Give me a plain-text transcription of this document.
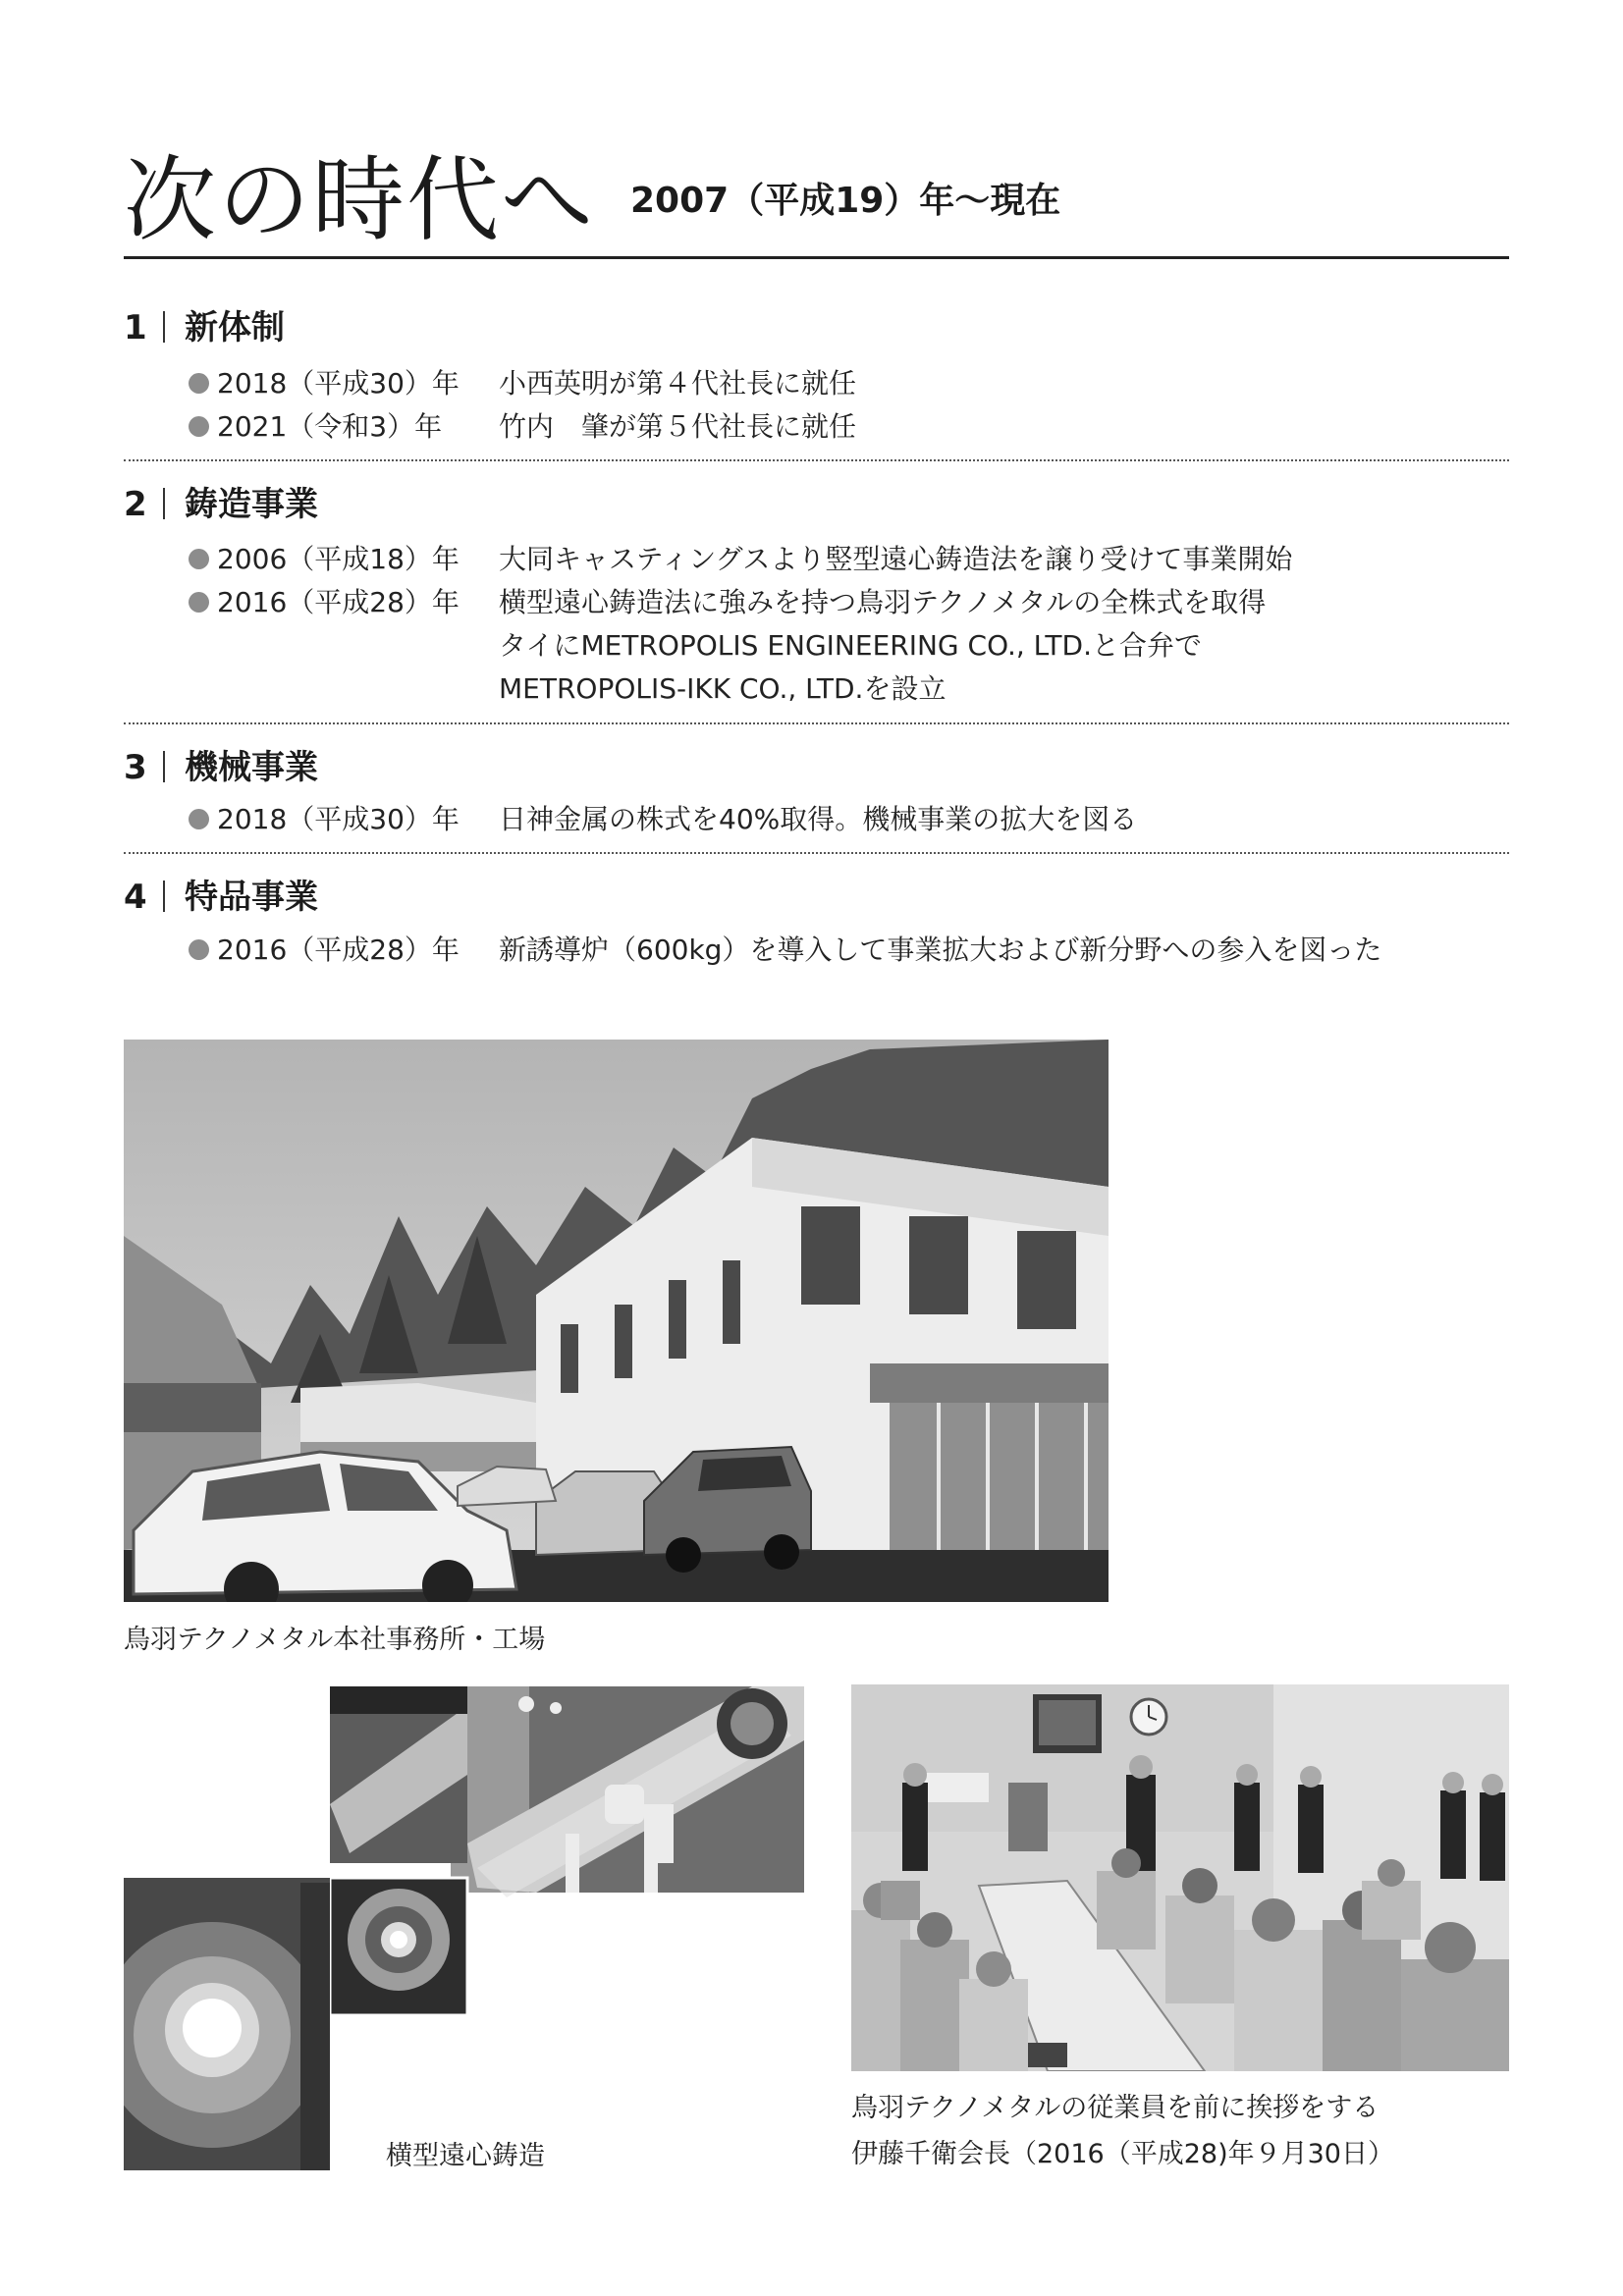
次の時代へ 2007（平成19）年〜現在
1 新体制
2018（平成30）年 小西英明が第４代社長に就任
2021（令和3）年 竹内　肇が第５代社長に就任
2 鋳造事業
2006（平成18）年 大同キャスティングスより竪型遠心鋳造法を譲り受けて事業開始
2016（平成28）年 横型遠心鋳造法に強みを持つ鳥羽テクノメタルの全株式を取得
タイにMETROPOLIS ENGINEERING CO., LTD.と合弁で
METROPOLIS-IKK CO., LTD.を設立
3 機械事業
2018（平成30）年 日神金属の株式を40%取得。機械事業の拡大を図る
4 特品事業
2016（平成28）年 新誘導炉（600kg）を導入して事業拡大および新分野への参入を図った
鳥羽テクノメタル本社事務所・工場
横型遠心鋳造
鳥羽テクノメタルの従業員を前に挨拶をする
伊藤千衛会長（2016（平成28)年９月30日）
